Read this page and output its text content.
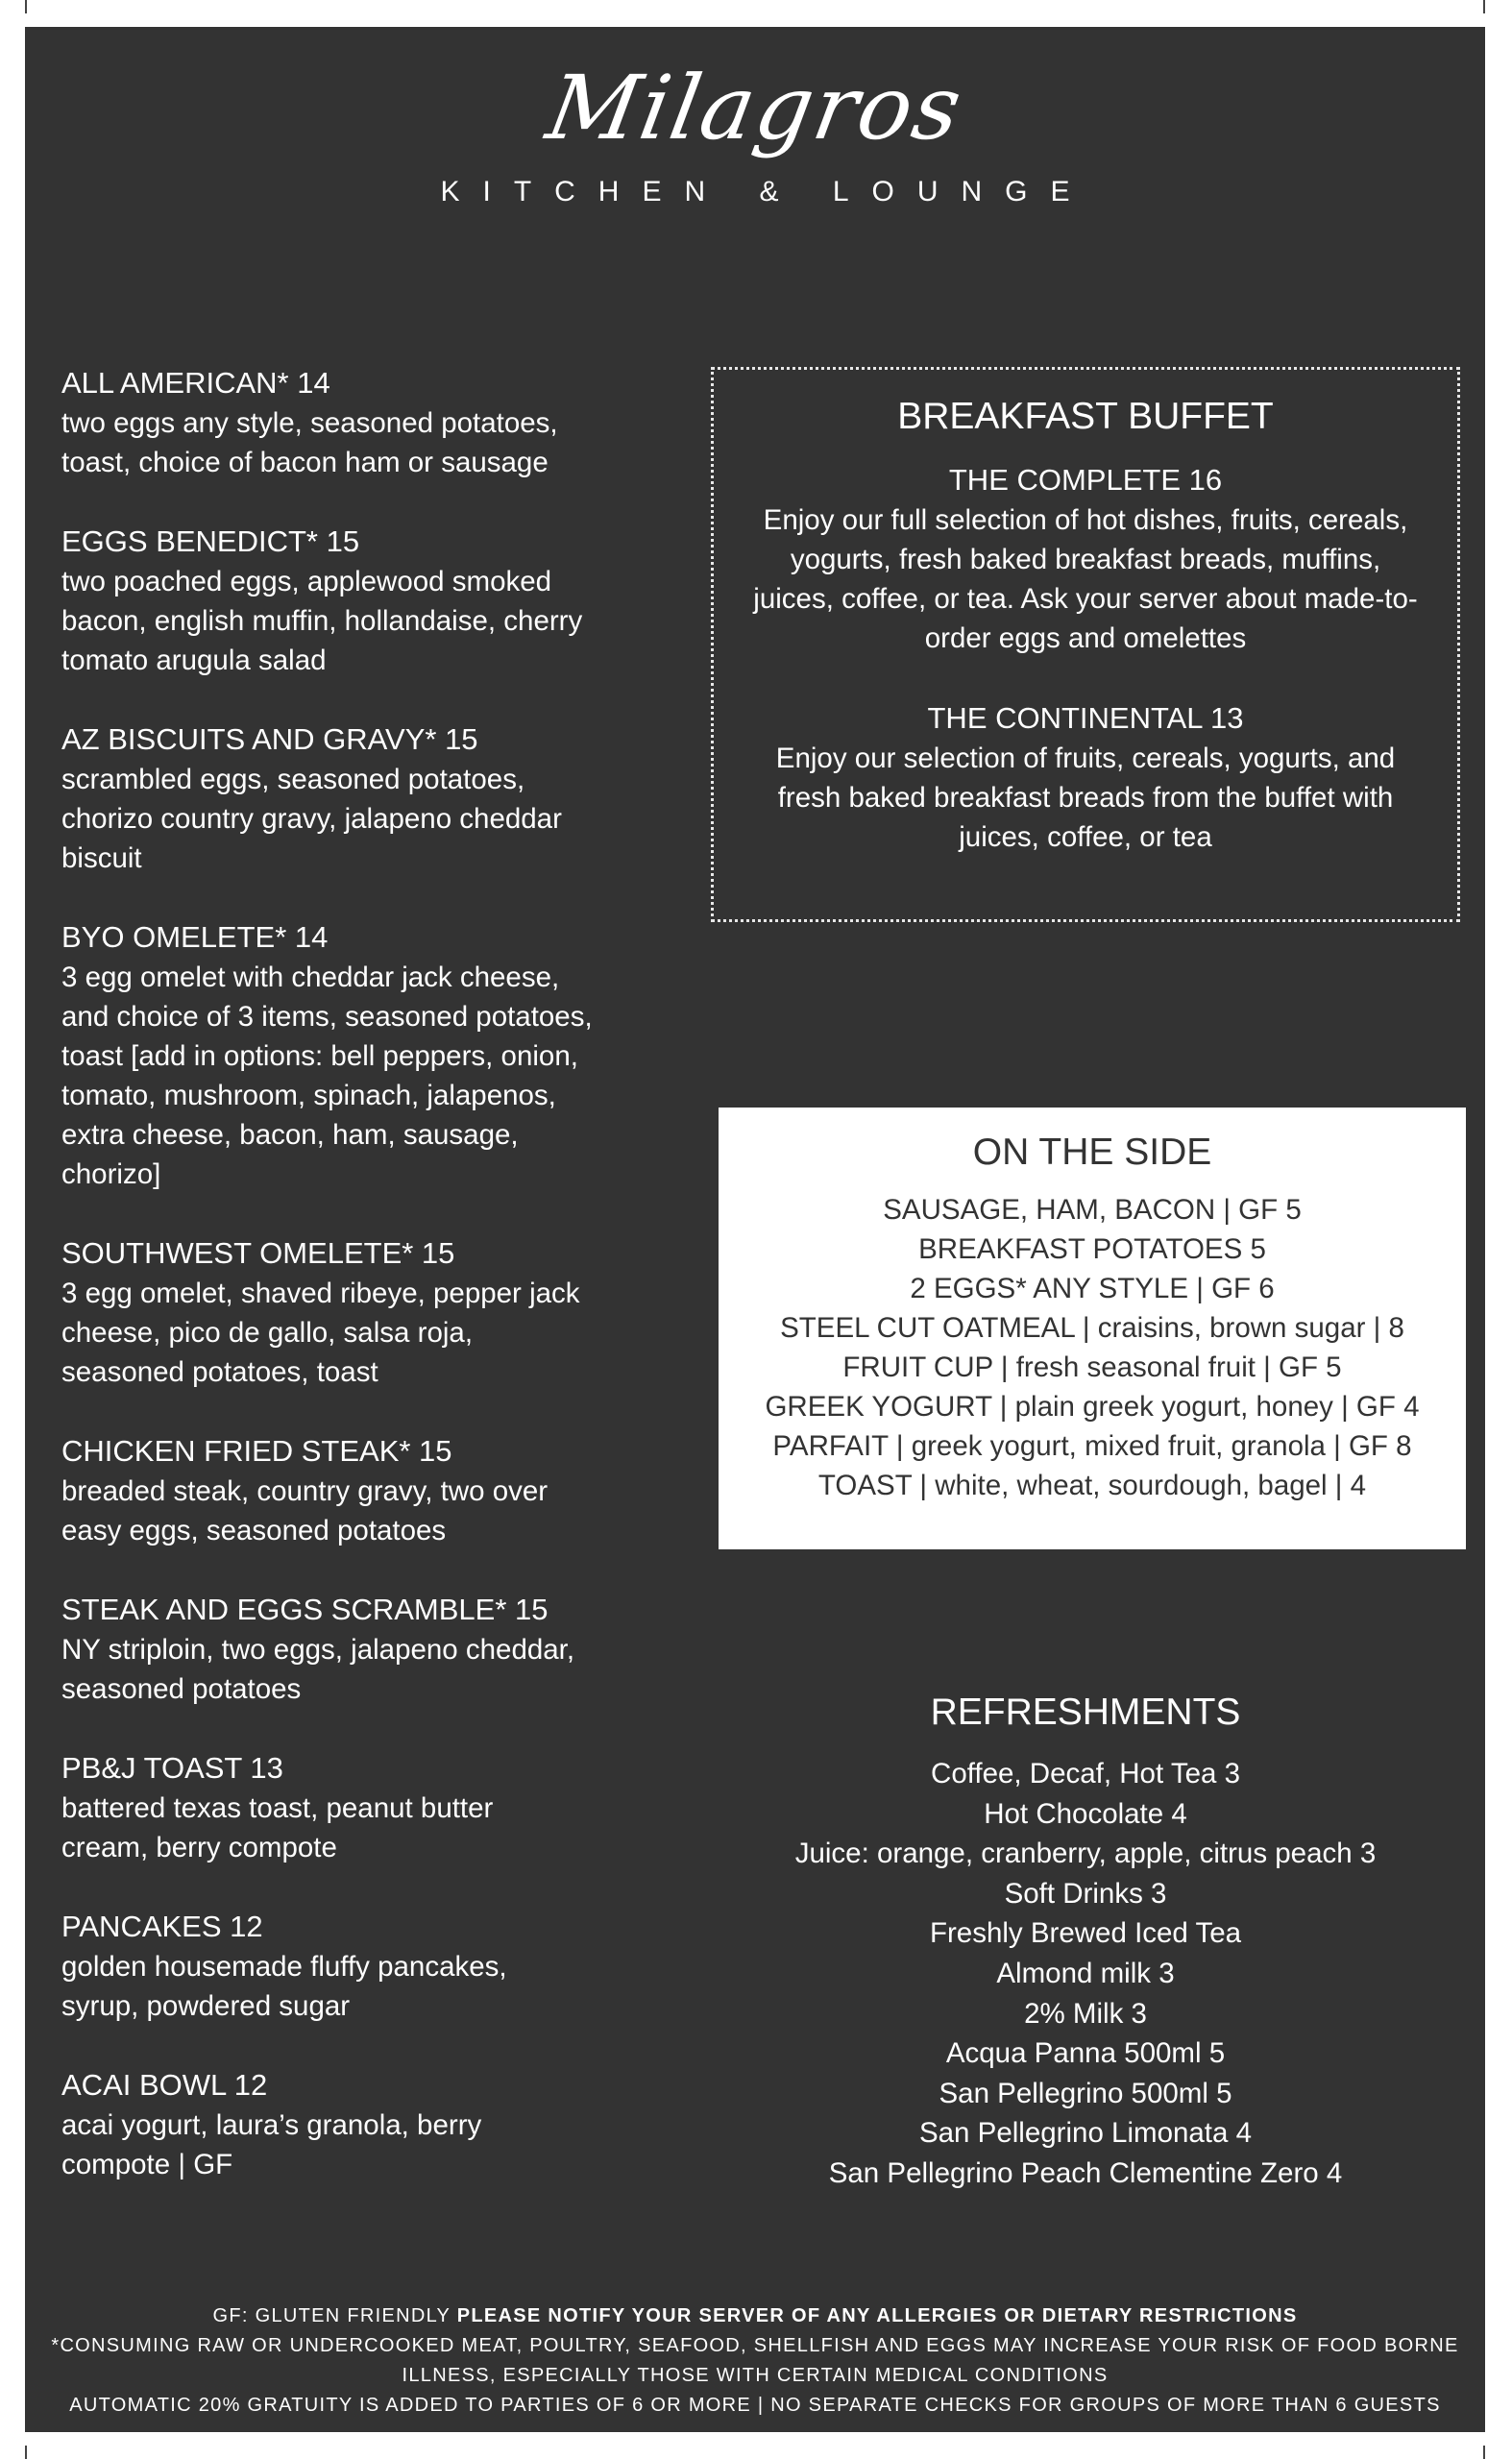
Milagros
KITCHEN & LOUNGE

ALL AMERICAN* 14

two eggs any style, seasoned potatoes,

toast, choice of bacon ham or sausage

EGGS BENEDICT* 15

two poached eggs, applewood smoked

bacon, english muffin, hollandaise, cherry

tomato arugula salad

AZ BISCUITS AND GRAVY* 15

scrambled eggs, seasoned potatoes,

chorizo country gravy, jalapeno cheddar

biscuit

BYO OMELETE* 14

3 egg omelet with cheddar jack cheese,

and choice of 3 items, seasoned potatoes,

toast [add in options: bell peppers, onion,

tomato, mushroom, spinach, jalapenos,

extra cheese, bacon, ham, sausage,

chorizo]

SOUTHWEST OMELETE* 15

3 egg omelet, shaved ribeye, pepper jack

cheese, pico de gallo, salsa roja,

seasoned potatoes, toast

CHICKEN FRIED STEAK* 15

breaded steak, country gravy, two over

easy eggs, seasoned potatoes

STEAK AND EGGS SCRAMBLE* 15

NY striploin, two eggs, jalapeno cheddar,

seasoned potatoes

PB&J TOAST 13

battered texas toast, peanut butter

cream, berry compote

PANCAKES 12

golden housemade fluffy pancakes,

syrup, powdered sugar

ACAI BOWL 12

acai yogurt, laura’s granola, berry

compote | GF

BREAKFAST BUFFET

THE COMPLETE 16

Enjoy our full selection of hot dishes, fruits, cereals,

yogurts, fresh baked breakfast breads, muffins,

juices, coffee, or tea. Ask your server about made-to-

order eggs and omelettes

THE CONTINENTAL 13

Enjoy our selection of fruits, cereals, yogurts, and

fresh baked breakfast breads from the buffet with

juices, coffee, or tea

ON THE SIDE

SAUSAGE, HAM, BACON | GF 5

BREAKFAST POTATOES 5

2 EGGS* ANY STYLE | GF 6

STEEL CUT OATMEAL | craisins, brown sugar | 8

FRUIT CUP | fresh seasonal fruit | GF 5

GREEK YOGURT | plain greek yogurt, honey | GF 4

PARFAIT | greek yogurt, mixed fruit, granola | GF 8

TOAST | white, wheat, sourdough, bagel | 4

REFRESHMENTS

Coffee, Decaf, Hot Tea 3

Hot Chocolate 4

Juice: orange, cranberry, apple, citrus peach 3

Soft Drinks 3

Freshly Brewed Iced Tea

Almond milk 3

2% Milk 3

Acqua Panna 500ml 5

San Pellegrino 500ml 5

San Pellegrino Limonata 4

San Pellegrino Peach Clementine Zero 4

GF: GLUTEN FRIENDLY PLEASE NOTIFY YOUR SERVER OF ANY ALLERGIES OR DIETARY RESTRICTIONS

*CONSUMING RAW OR UNDERCOOKED MEAT, POULTRY, SEAFOOD, SHELLFISH AND EGGS MAY INCREASE YOUR RISK OF FOOD BORNE

ILLNESS, ESPECIALLY THOSE WITH CERTAIN MEDICAL CONDITIONS

AUTOMATIC 20% GRATUITY IS ADDED TO PARTIES OF 6 OR MORE | NO SEPARATE CHECKS FOR GROUPS OF MORE THAN 6 GUESTS
